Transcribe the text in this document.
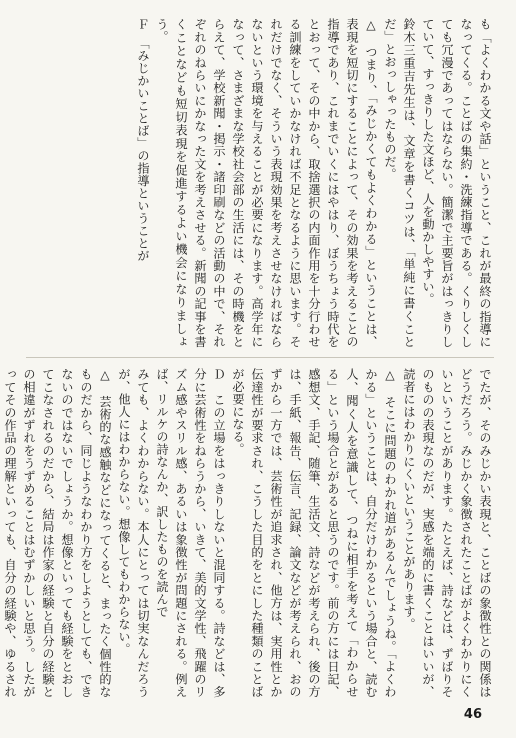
も「よくわかる文や話」ということ、これが最終の指導になってくる。ことばの集約・洗練指導である。くりしくしても冗漫であってはならない。簡潔で主要旨がはっきりしていて、すっきりした文ほど、人を動かしやすい。

鈴木三重吉先生は、文章を書くコツは、「単純に書くことだ」とおっしゃったものだ。

△　つまり、「みじかくてもよくわかる」ということは、表現を短切にすることによって、その効果を考えることの指導であり、これまでいくにはやはり、ぼうちょう時代をとおって、その中から、取捨選択の内面作用を十分行わせる訓練をしていかなければ不足となるように思います。それだけでなく、そういう表現効果を考えさせなければならないという環境を与えることが必要になります。高学年になって、さまざまな学校社会部の生活には、その時機をとらえて、学校新聞・掲示・諸印刷などの活動の中で、それぞれのねらいにかなった文を考えさせる。新聞の記事を書くことなども短切表現を促進するよい機会になりましょう。

Ｆ　「みじかいことば」の指導ということが

でたが、そのみじかい表現と、ことばの象徴性との関係はどうだろう。みじかく象徴されたことばがよくわかりにくいということがあります。たとえば、詩などは、ずばりそのものの表現なのだが、実感を端的に書くことはいいが、読者にはわかりにくいということがあります。

△　そこに問題のわかれ道があるんでしょうね。「よくわかる」ということは、自分だけわかるという場合と、読む人、聞く人を意識して、つねに相手を考えて「わからせる」という場合とがあると思うのです。前の方には日記、感想文、手記、随筆、生活文、詩などが考えられ、後の方は、手紙、報告、伝言、記録、論文などが考えられ、おのずから一方では、芸術性が追求され、他方は、実用性とか伝達性が要求され、こうした目的をとにした種類のことばが必要になる。

Ｄ　この立場をはっきりしないと混同する。詩などは、多分に芸術性をねらうから、いきて、美的文学性、飛躍のリズム感やスリル感、あるいは象徴性が問題にされる。例えば、リルケの詩なんか、訳したものを読んで

みても、よくわからない。本人にとっては切実なんだろうが、他人にはわからない。想像してもわからない。

△　芸術的な感触などになってくると、まったく個性的なものだから、同じようなわかり方をしようとしても、できないのではないでしょうか。想像といっても経験をとおしてこなされるのだから、結局は作家の経験と自分の経験との相違がずれをうずめることはむずかしいと思う。したがってその作品の理解といっても、自分の経験や、ゆるされ

46
